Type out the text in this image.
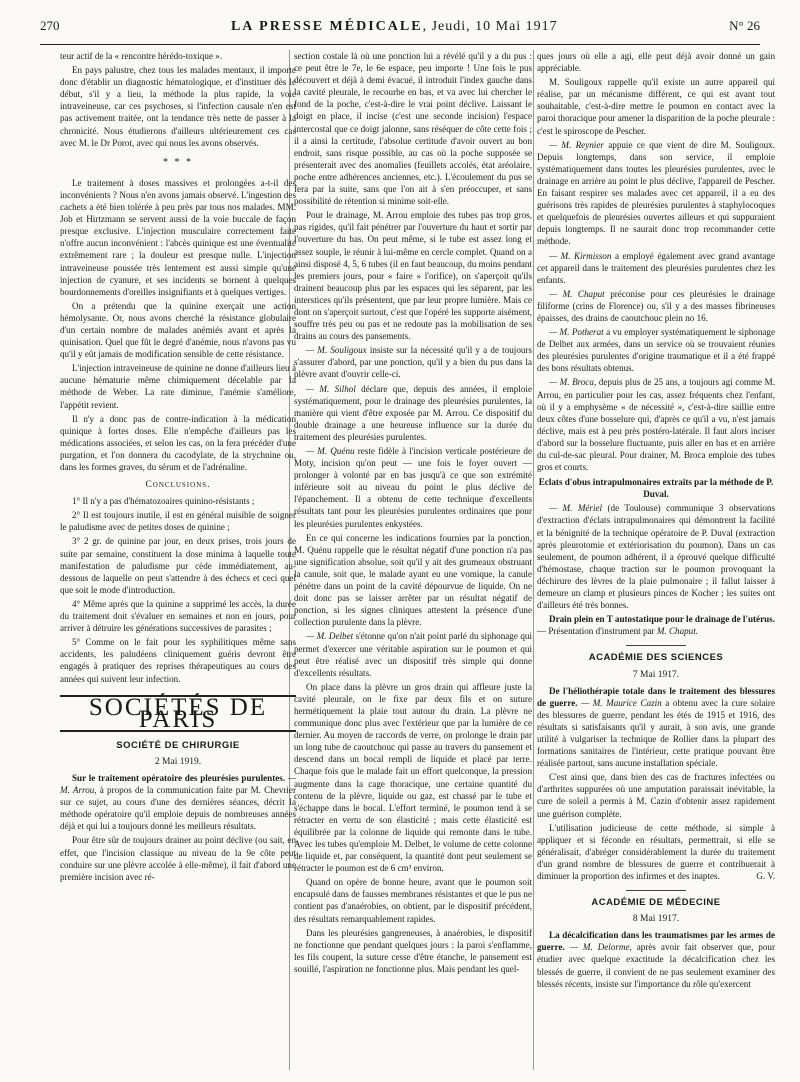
270	LA PRESSE MÉDICALE, Jeudi, 10 Mai 1917	N° 26

teur actif de la « rencontre hérédo-toxique ».

En pays palustre, chez tous les malades mentaux, il importe donc d'établir un diagnostic hématologique, et d'instituer dès le début, s'il y a lieu, la méthode la plus rapide, la voie intraveineuse, car ces psychoses, si l'infection causale n'en est pas activement traitée, ont la tendance très nette de passer à la chronicité. Nous étudierons d'ailleurs ultérieurement ces cas avec M. le Dr Porot, avec qui nous les avons observés.

* * *

Le traitement à doses massives et prolongées a-t-il des inconvénients ? Nous n'en avons jamais observé. L'ingestion des cachets a été bien tolérée à peu près par tous nos malades. MM. Job et Hirtzmann se servent aussi de la voie buccale de façon presque exclusive. L'injection musculaire correctement faite n'offre aucun inconvénient : l'abcès quinique est une éventualité extrêmement rare ; la douleur est presque nulle. L'injection intraveineuse poussée très lentement est aussi simple qu'une injection de cyanure, et ses incidents se bornent à quelques bourdonnements d'oreilles insignifiants et à quelques vertiges.

On a prétendu que la quinine exerçait une action hémolysante. Or, nous avons cherché la résistance globulaire d'un certain nombre de malades anémiés avant et après la quinisation. Quel que fût le degré d'anémie, nous n'avons pas vu qu'il y eût jamais de modification sensible de cette résistance.

L'injection intraveineuse de quinine ne donne d'ailleurs lieu à aucune hématurie même chimiquement décelable par la méthode de Weber. La rate diminue, l'anémie s'améliore, l'appétit revient.

Il n'y a donc pas de contre-indication à la médication quinique à fortes doses. Elle n'empêche d'ailleurs pas les médications associées, et selon les cas, on la fera précéder d'une purgation, et l'on donnera du cacodylate, de la strychnine ou, dans les formes graves, du sérum et de l'adrénaline.

Conclusions.

1° Il n'y a pas d'hématozoaires quinino-résistants ;

2° Il est toujours inutile, il est en général nuisible de soigner le paludisme avec de petites doses de quinine ;

3° 2 gr. de quinine par jour, en deux prises, trois jours de suite par semaine, constituent la dose minima à laquelle toute manifestation de paludisme pur cède immédiatement, au-dessous de laquelle on peut s'attendre à des échecs et ceci quel que soit le mode d'introduction.

4° Même après que la quinine a supprimé les accès, la durée du traitement doit s'évaluer en semaines et non en jours, pour arriver à détruire les générations successives de parasites ;

5° Comme on le fait pour les syphilitiques même sans accidents, les paludéens cliniquement guéris devront être engagés à pratiquer des reprises thérapeutiques au cours des années qui suivent leur infection.

SOCIÉTÉS DE PARIS
SOCIÉTÉ DE CHIRURGIE
2 Mai 1919.

Sur le traitement opératoire des pleurésies purulentes. — M. Arrou, à propos de la communication faite par M. Chevrier sur ce sujet, au cours d'une des dernières séances, décrit la méthode opératoire qu'il emploie depuis de nombreuses années déjà et qui lui a toujours donné les meilleurs résultats.

Pour être sûr de toujours drainer au point déclive (ou sait, en effet, que l'incision classique au niveau de la 9e côte peut conduire sur une plèvre accolée à elle-même), il fait d'abord une première incision avec ré-

section costale là où une ponction lui a révélé qu'il y a du pus : ce peut être le 7e, le 6e espace, peu importe ! Une fois le pus découvert et déjà à demi évacué, il introduit l'index gauche dans la cavité pleurale, le recourbe en bas, et va avec lui chercher le fond de la poche, c'est-à-dire le vrai point déclive. Laissant le doigt en place, il incise (c'est une seconde incision) l'espace intercostal que ce doigt jalonne, sans réséquer de côte cette fois ; il a ainsi la certitude, l'absolue certitude d'avoir ouvert au bon endroit, sans risque possible, au cas où la poche supposée se présenterait avec des anomalies (feuillets accolés, état aréolaire, poche entre adhérences anciennes, etc.). L'écoulement du pus se fera par la suite, sans que l'on ait à s'en préoccuper, et sans possibilité de rétention si minime soit-elle.

Pour le drainage, M. Arrou emploie des tubes pas trop gros, pas rigides, qu'il fait pénétrer par l'ouverture du haut et sortir par l'ouverture du bas. On peut même, si le tube est assez long et assez souple, le réunir à lui-même en cercle complet. Quand on a ainsi disposé 4, 5, 6 tubes (il en faut beaucoup, du moins pendant les premiers jours, pour « faire » l'orifice), on s'aperçoit qu'ils drainent beaucoup plus par les espaces qui les séparent, par les interstices qu'ils présentent, que par leur propre lumière. Mais ce dont on s'aperçoit surtout, c'est que l'opéré les supporte aisément, souffre très peu ou pas et ne redoute pas la mobilisation de ses drains au cours des pansements.

— M. Souligoux insiste sur la nécessité qu'il y a de toujours s'assurer d'abord, par une ponction, qu'il y a bien du pus dans la plèvre avant d'ouvrir celle-ci.

— M. Silhol déclare que, depuis des années, il emploie systématiquement, pour le drainage des pleurésies purulentes, la manière qui vient d'être exposée par M. Arrou. Ce dispositif du double drainage a une heureuse influence sur la durée du traitement des pleurésies purulentes.

— M. Quénu reste fidèle à l'incision verticale postérieure de Moty, incision qu'on peut — une fois le foyer ouvert — prolonger à volonté par en bas jusqu'à ce que son extrémité inférieure soit au niveau du point le plus déclive de l'épanchement. Il a obtenu de cette technique d'excellents résultats tant pour les pleurésies purulentes ordinaires que pour les pleurésies purulentes enkystées.

En ce qui concerne les indications fournies par la ponction, M. Quénu rappelle que le résultat négatif d'une ponction n'a pas une signification absolue, soit qu'il y ait des grumeaux obstruant la canule, soit que, le malade ayant eu une vomique, la canule pénètre dans un point de la cavité dépourvue de liquide. On ne doit donc pas se laisser arrêter par un résultat négatif de ponction, si les signes cliniques attestent la présence d'une collection purulente dans la plèvre.

— M. Delbet s'étonne qu'on n'ait point parlé du siphonage qui permet d'exercer une véritable aspiration sur le poumon et qui peut être réalisé avec un dispositif très simple qui donne d'excellents résultats.

On place dans la plèvre un gros drain qui affleure juste la cavité pleurale, on le fixe par deux fils et on suture hermétiquement la plaie tout autour du drain. La plèvre ne communique donc plus avec l'extérieur que par la lumière de ce dernier. Au moyen de raccords de verre, on prolonge le drain par un long tube de caoutchouc qui passe au travers du pansement et descend dans un bocal rempli de liquide et placé par terre. Chaque fois que le malade fait un effort quelconque, la pression augmente dans la cage thoracique, une certaine quantité du contenu de la plèvre, liquide ou gaz, est chassé par le tube et s'échappe dans le bocal. L'effort terminé, le poumon tend à se rétracter en vertu de son élasticité ; mais cette élasticité est équilibrée par la colonne de liquide qui remonte dans le tube. Avec les tubes qu'emploie M. Delbet, le volume de cette colonne de liquide et, par conséquent, la quantité dont peut seulement se rétracter le poumon est de 6 cm³ environ.

Quand on opère de bonne heure, avant que le poumon soit encapsulé dans de fausses membranes résistantes et que le pus ne contient pas d'anaérobies, on obtient, par le dispositif précédent, des résultats remarquablement rapides.

Dans les pleurésies gangreneuses, à anaérobies, le dispositif ne fonctionne que pendant quelques jours : la paroi s'enflamme, les fils coupent, la suture cesse d'être étanche, le pansement est souillé, l'aspiration ne fonctionne plus. Mais pendant les quel-

ques jours où elle a agi, elle peut déjà avoir donné un gain appréciable.

M. Souligoux rappelle qu'il existe un autre appareil qui réalise, par un mécanisme différent, ce qui est avant tout souhaitable, c'est-à-dire mettre le poumon en contact avec la paroi thoracique pour amener la disparition de la poche pleurale : c'est le spiroscope de Pescher.

— M. Reynier appuie ce que vient de dire M. Souligoux. Depuis longtemps, dans son service, il emploie systématiquement dans toutes les pleurésies purulentes, avec le drainage en arrière au point le plus déclive, l'appareil de Pescher. En faisant respirer ses malades avec cet appareil, il a eu des guérisons très rapides de pleurésies purulentes à staphylocoques et quelquefois de pleurésies ouvertes ailleurs et qui suppuraient depuis longtemps. Il ne saurait donc trop recommander cette méthode.

— M. Kirmisson a employé également avec grand avantage cet appareil dans le traitement des pleurésies purulentes chez les enfants.

— M. Chaput préconise pour ces pleurésies le drainage filiforme (crins de Florence) ou, s'il y a des masses fibrineuses épaisses, des drains de caoutchouc plein no 16.

— M. Potherat a vu employer systématiquement le siphonage de Delbet aux armées, dans un service où se trouvaient réunies des pleurésies purulentes d'origine traumatique et il a été frappé des bons résultats obtenus.

— M. Broca, depuis plus de 25 ans, a toujours agi comme M. Arrou, en particulier pour les cas, assez fréquents chez l'enfant, où il y a emphysème « de nécessité », c'est-à-dire saillie entre deux côtes d'une bosselure qui, d'après ce qu'il a vu, n'est jamais déclive, mais est à peu près postéro-latérale. Il faut alors inciser d'abord sur la bosselure fluctuante, puis aller en bas et en arrière du cul-de-sac pleural. Pour drainer, M. Broca emploie des tubes gros et courts.

Eclats d'obus intrapulmonaires extraits par la méthode de P. Duval.

— M. Mériel (de Toulouse) communique 3 observations d'extraction d'éclats intrapulmonaires qui démontrent la facilité et la bénignité de la technique opératoire de P. Duval (extraction après pleurotomie et extériorisation du poumon). Dans un cas seulement, de poumon adhérent, il a éprouvé quelque difficulté d'hémostase, chaque traction sur le poumon provoquant la déchirure des lèvres de la plaie pulmonaire ; il fallut laisser à demeure un clamp et plusieurs pinces de Kocher ; les suites ont d'ailleurs été très bonnes.

Drain plein en T autostatique pour le drainage de l'utérus. — Présentation d'instrument par M. Chaput.

ACADÉMIE DES SCIENCES
7 Mai 1917.

De l'héliothérapie totale dans le traitement des blessures de guerre. — M. Maurice Cazin a obtenu avec la cure solaire des blessures de guerre, pendant les étés de 1915 et 1916, des résultats si satisfaisants qu'il y aurait, à son avis, une grande utilité à vulgariser la technique de Rollier dans la plupart des formations sanitaires de l'intérieur, cette pratique pouvant être réalisée partout, sans aucune installation spéciale.

C'est ainsi que, dans bien des cas de fractures infectées ou d'arthrites suppurées où une amputation paraissait inévitable, la cure de soleil a permis à M. Cazin d'obtenir assez rapidement une guérison complète.

L'utilisation judicieuse de cette méthode, si simple à appliquer et si féconde en résultats, permettrait, si elle se généralisait, d'abréger considérablement la durée du traitement d'un grand nombre de blessures de guerre et contribuerait à diminuer la proportion des infirmes et des inaptes.	G. V.

ACADÉMIE DE MÉDECINE
8 Mai 1917.

La décalcification dans les traumatismes par les armes de guerre. — M. Delorme, après avoir fait observer que, pour étudier avec quelque exactitude la décalcification chez les blessés de guerre, il convient de ne pas seulement examiner des blessés récents, insiste sur l'importance du rôle qu'exercent
